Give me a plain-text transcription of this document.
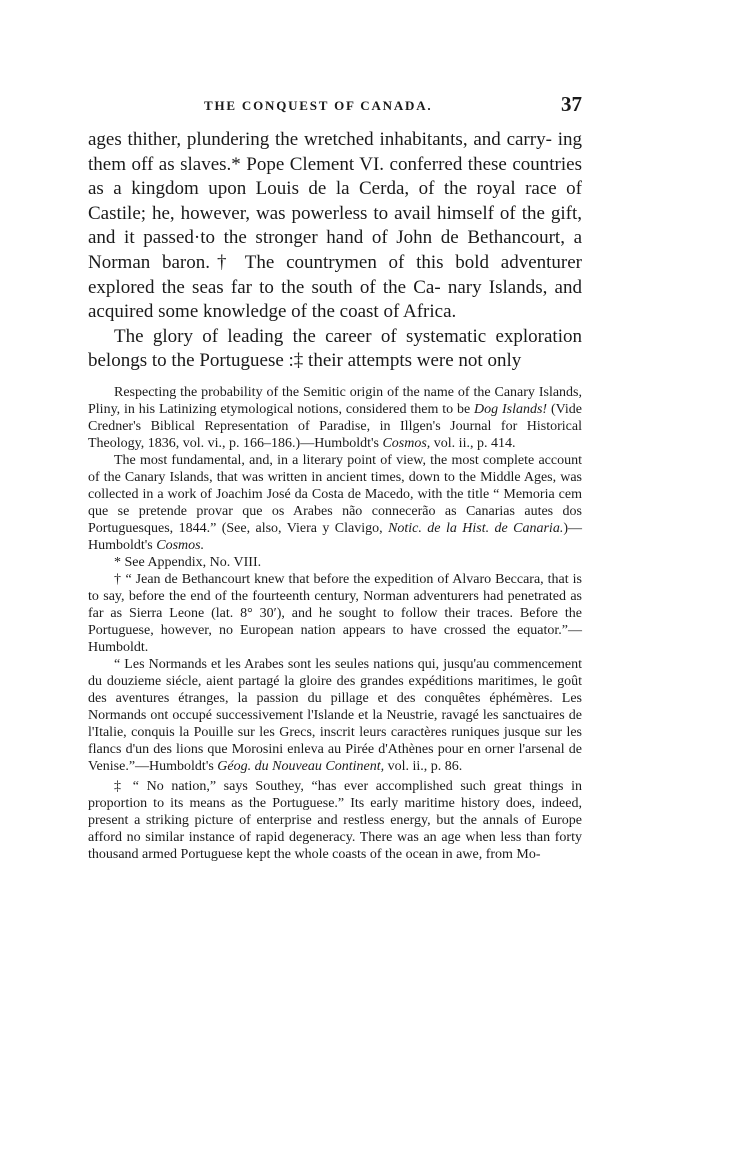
THE CONQUEST OF CANADA.	37

ages thither, plundering the wretched inhabitants, and carry- ing them off as slaves.* Pope Clement VI. conferred these countries as a kingdom upon Louis de la Cerda, of the royal race of Castile; he, however, was powerless to avail himself of the gift, and it passed·to the stronger hand of John de Bethancourt, a Norman baron.† The countrymen of this bold adventurer explored the seas far to the south of the Ca- nary Islands, and acquired some knowledge of the coast of Africa.

The glory of leading the career of systematic exploration belongs to the Portuguese :‡ their attempts were not only

Respecting the probability of the Semitic origin of the name of the Canary Islands, Pliny, in his Latinizing etymological notions, considered them to be Dog Islands! (Vide Credner's Biblical Representation of Paradise, in Illgen's Journal for Historical Theology, 1836, vol. vi., p. 166–186.)—Humboldt's Cosmos, vol. ii., p. 414.

The most fundamental, and, in a literary point of view, the most complete account of the Canary Islands, that was written in ancient times, down to the Middle Ages, was collected in a work of Joachim José da Costa de Macedo, with the title “ Memoria cem que se pretende provar que os Arabes não connecerão as Canarias autes dos Portuguesques, 1844.” (See, also, Viera y Clavigo, Notic. de la Hist. de Canaria.)—Humboldt's Cosmos.

* See Appendix, No. VIII.

† “ Jean de Bethancourt knew that before the expedition of Alvaro Beccara, that is to say, before the end of the fourteenth century, Norman adventurers had penetrated as far as Sierra Leone (lat. 8° 30′), and he sought to follow their traces. Before the Portuguese, however, no European nation appears to have crossed the equator.”—Humboldt.

“ Les Normands et les Arabes sont les seules nations qui, jusqu'au commencement du douzieme siécle, aient partagé la gloire des grandes expéditions maritimes, le goût des aventures étranges, la passion du pillage et des conquêtes éphémères. Les Normands ont occupé successivement l'Islande et la Neustrie, ravagé les sanctuaires de l'Italie, conquis la Pouille sur les Grecs, inscrit leurs caractères runiques jusque sur les flancs d'un des lions que Morosini enleva au Pirée d'Athènes pour en orner l'arsenal de Venise.”—Humboldt's Géog. du Nouveau Continent, vol. ii., p. 86.

‡ “ No nation,” says Southey, “has ever accomplished such great things in proportion to its means as the Portuguese.” Its early maritime history does, indeed, present a striking picture of enterprise and restless energy, but the annals of Europe afford no similar instance of rapid degeneracy. There was an age when less than forty thousand armed Portuguese kept the whole coasts of the ocean in awe, from Mo-
